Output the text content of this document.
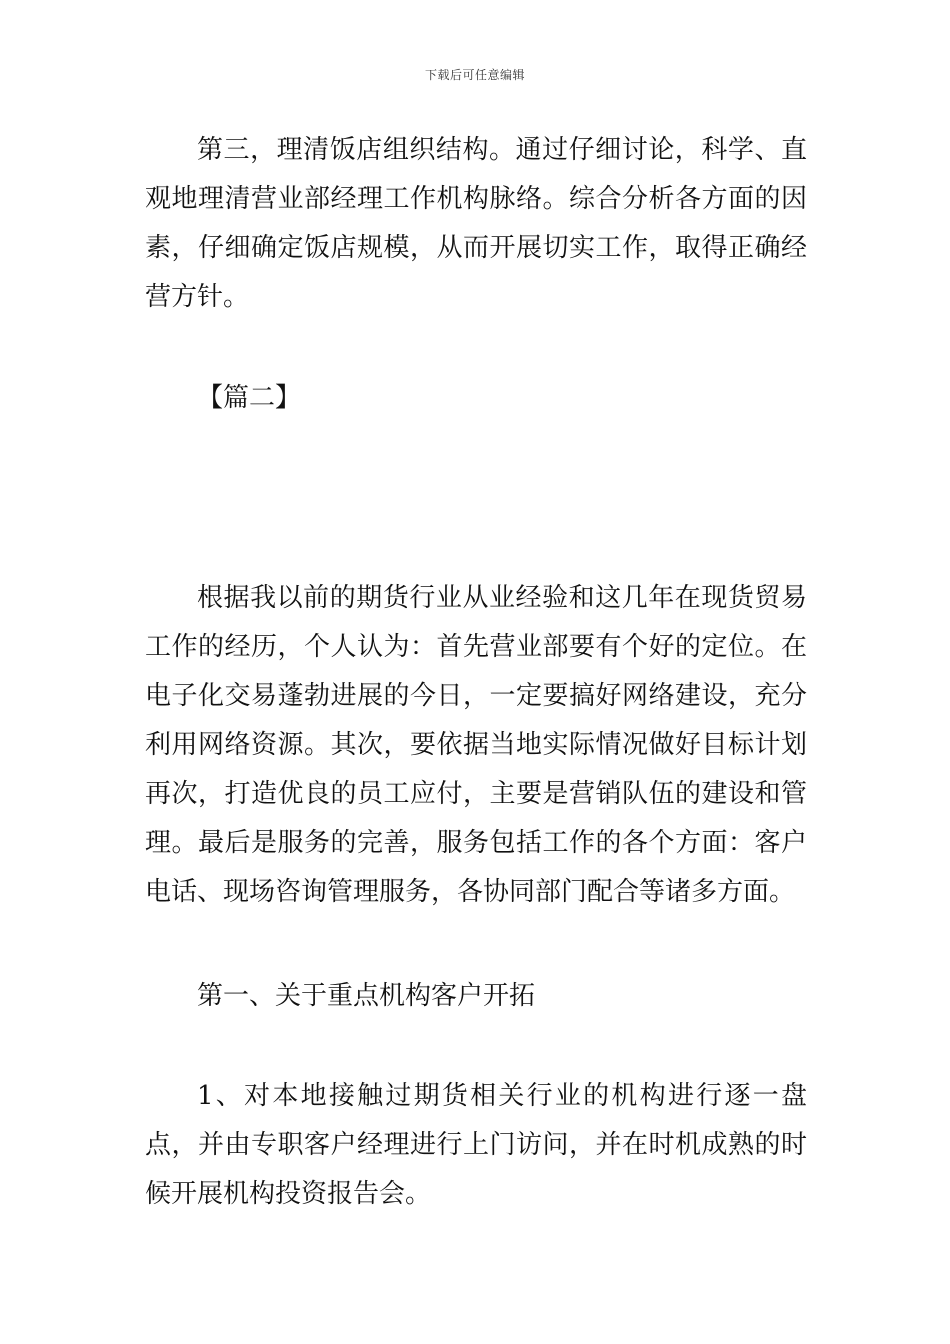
下载后可任意编辑

第三，理清饭店组织结构。通过仔细讨论，科学、直观地理清营业部经理工作机构脉络。综合分析各方面的因素，仔细确定饭店规模，从而开展切实工作，取得正确经营方针。

【篇二】

根据我以前的期货行业从业经验和这几年在现货贸易工作的经历，个人认为：首先营业部要有个好的定位。在电子化交易蓬勃进展的今日，一定要搞好网络建设，充分利用网络资源。其次，要依据当地实际情况做好目标计划再次，打造优良的员工应付，主要是营销队伍的建设和管理。最后是服务的完善，服务包括工作的各个方面：客户电话、现场咨询管理服务，各协同部门配合等诸多方面。

第一、关于重点机构客户开拓

1、对本地接触过期货相关行业的机构进行逐一盘点，并由专职客户经理进行上门访问，并在时机成熟的时候开展机构投资报告会。
